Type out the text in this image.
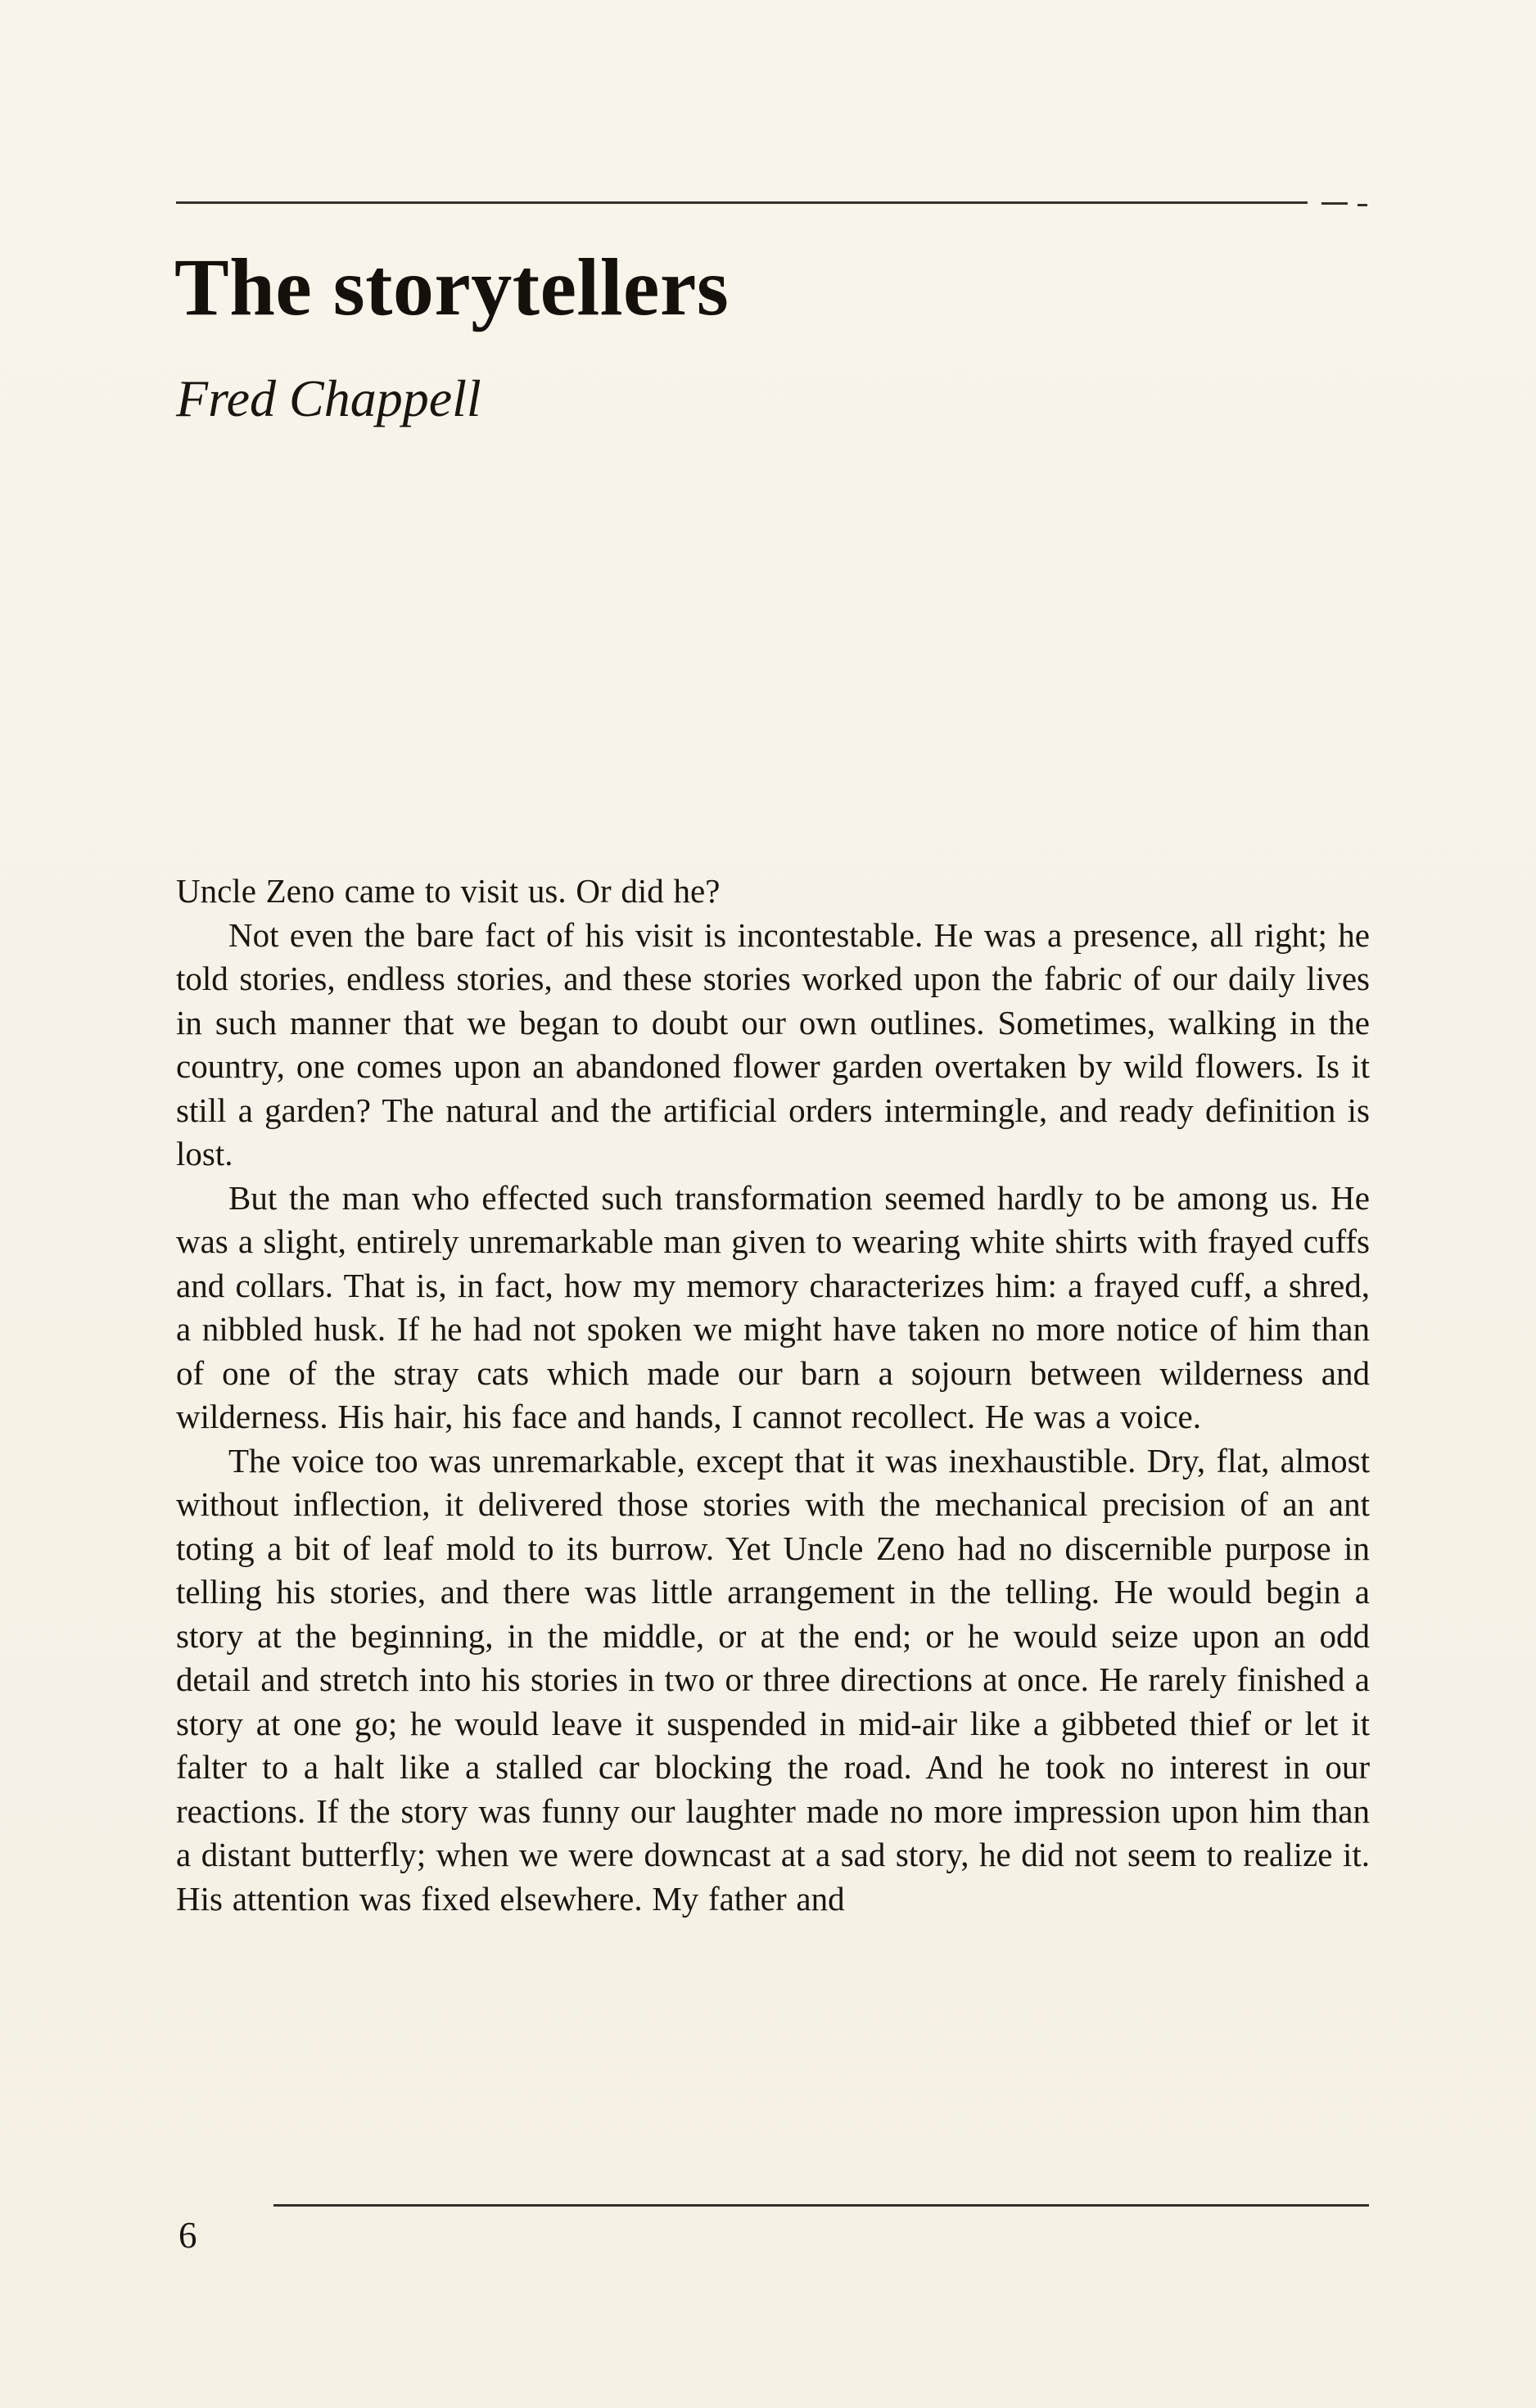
The storytellers
Fred Chappell

Uncle Zeno came to visit us. Or did he?

Not even the bare fact of his visit is incontestable. He was a presence, all right; he told stories, endless stories, and these stories worked upon the fabric of our daily lives in such manner that we began to doubt our own outlines. Sometimes, walking in the country, one comes upon an abandoned flower garden overtaken by wild flowers. Is it still a garden? The natural and the artificial orders intermingle, and ready definition is lost.

But the man who effected such transformation seemed hardly to be among us. He was a slight, entirely unremarkable man given to wearing white shirts with frayed cuffs and collars. That is, in fact, how my memory characterizes him: a frayed cuff, a shred, a nibbled husk. If he had not spoken we might have taken no more notice of him than of one of the stray cats which made our barn a sojourn between wilderness and wilderness. His hair, his face and hands, I cannot recollect. He was a voice.

The voice too was unremarkable, except that it was inexhaustible. Dry, flat, almost without inflection, it delivered those stories with the mechanical precision of an ant toting a bit of leaf mold to its burrow. Yet Uncle Zeno had no discernible purpose in telling his stories, and there was little arrangement in the telling. He would begin a story at the beginning, in the middle, or at the end; or he would seize upon an odd detail and stretch into his stories in two or three directions at once. He rarely finished a story at one go; he would leave it suspended in mid-air like a gibbeted thief or let it falter to a halt like a stalled car blocking the road. And he took no interest in our reactions. If the story was funny our laughter made no more impression upon him than a distant butterfly; when we were downcast at a sad story, he did not seem to realize it. His attention was fixed elsewhere. My father and

6
